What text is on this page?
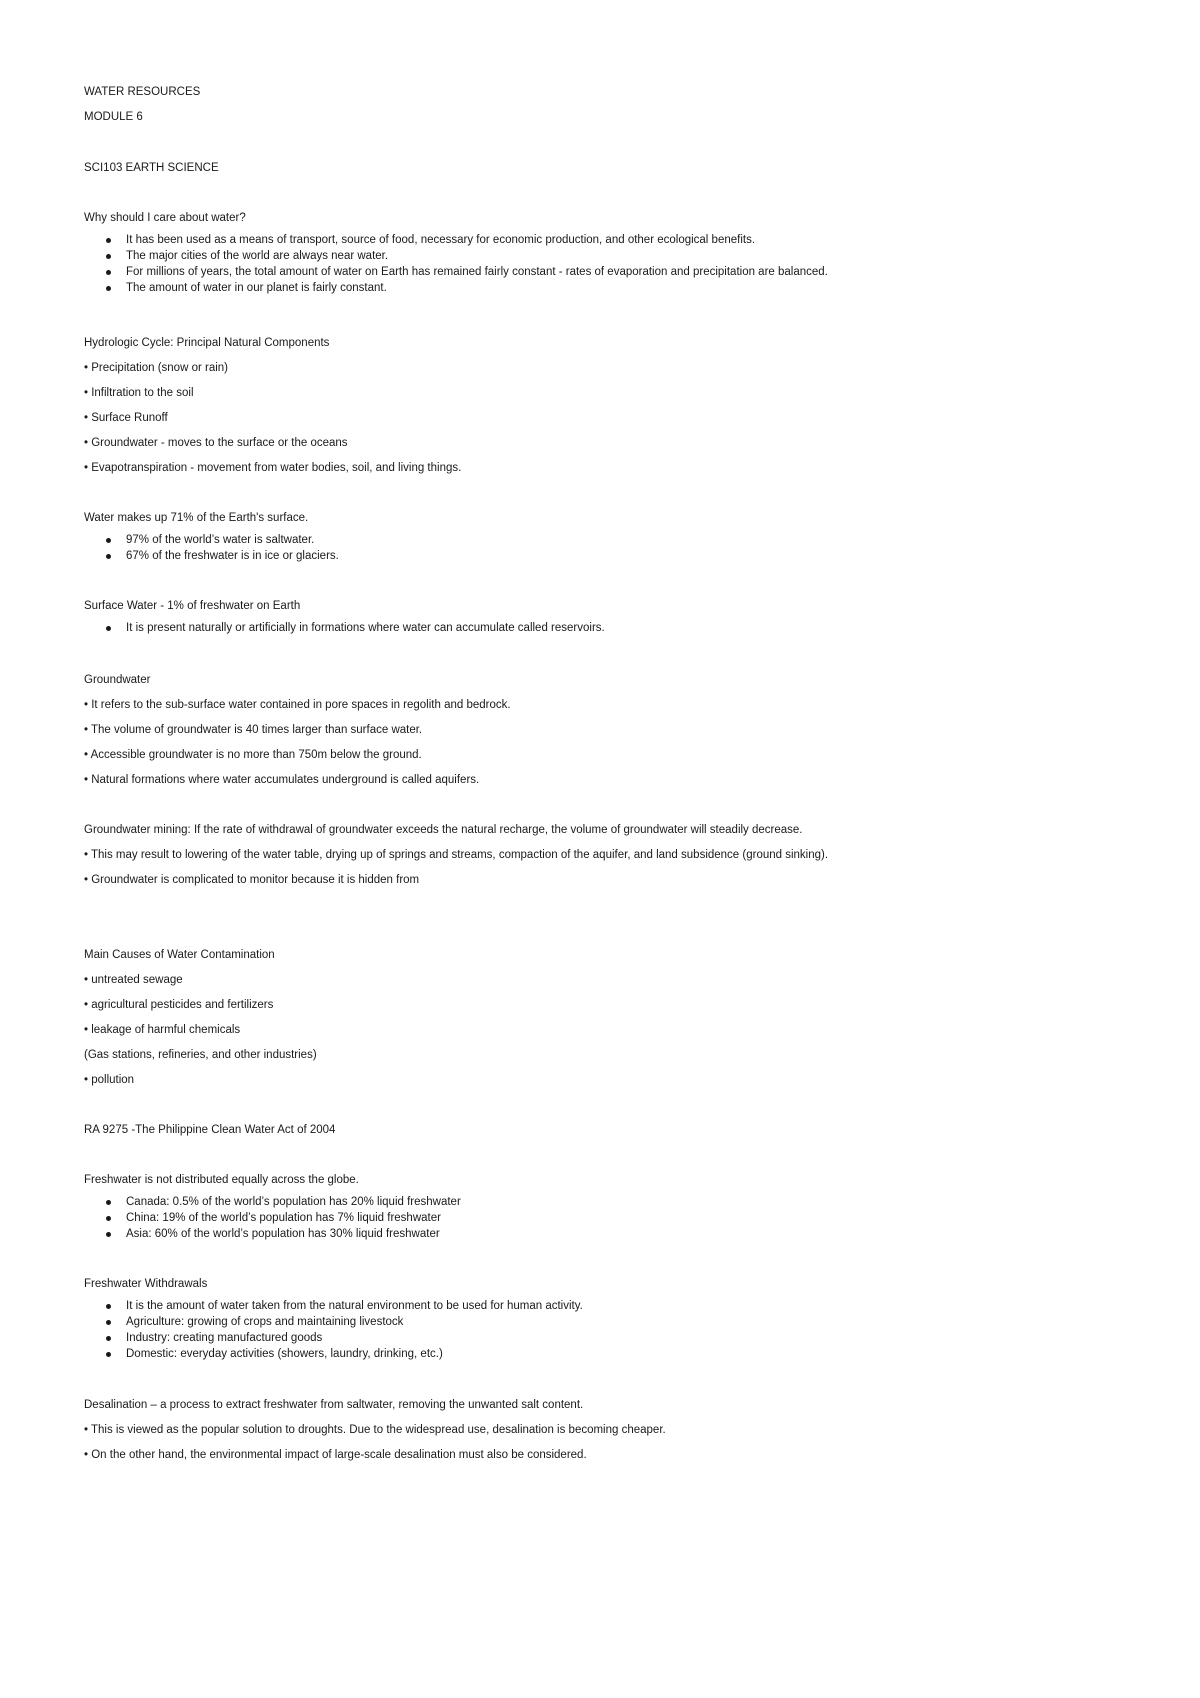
WATER RESOURCES
MODULE 6
SCI103 EARTH SCIENCE
Why should I care about water?
It has been used as a means of transport, source of food, necessary for economic production, and other ecological benefits.
The major cities of the world are always near water.
For millions of years, the total amount of water on Earth has remained fairly constant - rates of evaporation and precipitation are balanced.
The amount of water in our planet is fairly constant.
Hydrologic Cycle: Principal Natural Components
• Precipitation (snow or rain)
• Infiltration to the soil
• Surface Runoff
• Groundwater - moves to the surface or the oceans
• Evapotranspiration - movement from water bodies, soil, and living things.
Water makes up 71% of the Earth's surface.
97% of the world’s water is saltwater.
67% of the freshwater is in ice or glaciers.
Surface Water - 1% of freshwater on Earth
It is present naturally or artificially in formations where water can accumulate called reservoirs.
Groundwater
• It refers to the sub-surface water contained in pore spaces in regolith and bedrock.
• The volume of groundwater is 40 times larger than surface water.
• Accessible groundwater is no more than 750m below the ground.
• Natural formations where water accumulates underground is called aquifers.
Groundwater mining: If the rate of withdrawal of groundwater exceeds the natural recharge, the volume of groundwater will steadily decrease.
• This may result to lowering of the water table, drying up of springs and streams, compaction of the aquifer, and land subsidence (ground sinking).
• Groundwater is complicated to monitor because it is hidden from
Main Causes of Water Contamination
• untreated sewage
• agricultural pesticides and fertilizers
• leakage of harmful chemicals
(Gas stations, refineries, and other industries)
• pollution
RA 9275 -The Philippine Clean Water Act of 2004
Freshwater is not distributed equally across the globe.
Canada: 0.5% of the world’s population has 20% liquid freshwater
China: 19% of the world’s population has 7% liquid freshwater
Asia: 60% of the world’s population has 30% liquid freshwater
Freshwater Withdrawals
It is the amount of water taken from the natural environment to be used for human activity.
Agriculture: growing of crops and maintaining livestock
Industry: creating manufactured goods
Domestic: everyday activities (showers, laundry, drinking, etc.)
Desalination – a process to extract freshwater from saltwater, removing the unwanted salt content.
• This is viewed as the popular solution to droughts. Due to the widespread use, desalination is becoming cheaper.
• On the other hand, the environmental impact of large-scale desalination must also be considered.
